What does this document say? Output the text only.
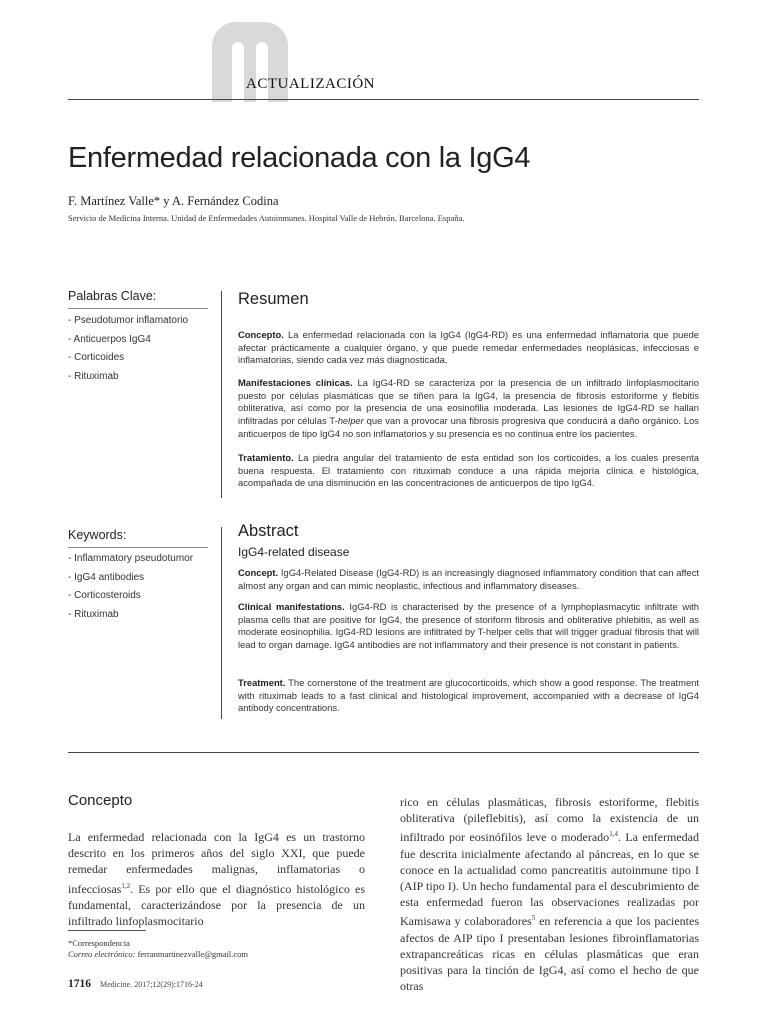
ACTUALIZACIÓN
Enfermedad relacionada con la IgG4
F. Martínez Valle* y A. Fernández Codina
Servicio de Medicina Interna. Unidad de Enfermedades Autoinmunes. Hospital Valle de Hebrón. Barcelona. España.
Palabras Clave:
- Pseudotumor inflamatorio
- Anticuerpos IgG4
- Corticoides
- Rituximab
Keywords:
- Inflammatory pseudotumor
- IgG4 antibodies
- Corticosteroids
- Rituximab
Resumen

Concepto. La enfermedad relacionada con la IgG4 (IgG4-RD) es una enfermedad inflamatoria que puede afectar prácticamente a cualquier órgano, y que puede remedar enfermedades neoplásicas, infecciosas e inflamatorias, siendo cada vez más diagnosticada.

Manifestaciones clínicas. La IgG4-RD se caracteriza por la presencia de un infiltrado linfoplasmocitario puesto por células plasmáticas que se tiñen para la IgG4, la presencia de fibrosis estoriforme y flebitis obliterativa, así como por la presencia de una eosinofilia moderada. Las lesiones de IgG4-RD se hallan infiltradas por células T-helper que van a provocar una fibrosis progresiva que conducirá a daño orgánico. Los anticuerpos de tipo IgG4 no son inflamatorios y su presencia es no continua entre los pacientes.

Tratamiento. La piedra angular del tratamiento de esta entidad son los corticoides, a los cuales presenta buena respuesta. El tratamiento con rituximab conduce a una rápida mejoría clínica e histológica, acompañada de una disminución en las concentraciones de anticuerpos de tipo IgG4.

Abstract
IgG4-related disease

Concept. IgG4-Related Disease (IgG4-RD) is an increasingly diagnosed inflammatory condition that can affect almost any organ and can mimic neoplastic, infectious and inflammatory diseases.

Clinical manifestations. IgG4-RD is characterised by the presence of a lymphoplasmacytic infiltrate with plasma cells that are positive for IgG4, the presence of storiform fibrosis and obliterative phlebitis, as well as moderate eosinophilia. IgG4-RD lesions are infiltrated by T-helper cells that will trigger gradual fibrosis that will lead to organ damage. IgG4 antibodies are not inflammatory and their presence is not constant in patients.

Treatment. The cornerstone of the treatment are glucocorticoids, which show a good response. The treatment with rituximab leads to a fast clinical and histological improvement, accompanied with a decrease of IgG4 antibody concentrations.

Concepto

La enfermedad relacionada con la IgG4 es un trastorno descrito en los primeros años del siglo XXI, que puede remedar enfermedades malignas, inflamatorias o infecciosas$^{1,2}$. Es por ello que el diagnóstico histológico es fundamental, caracterizándose por la presencia de un infiltrado linfoplasmocitario

rico en células plasmáticas, fibrosis estoriforme, flebitis obliterativa (pileflebitis), así como la existencia de un infiltrado por eosinófilos leve o moderado$^{1,4}$. La enfermedad fue descrita inicialmente afectando al páncreas, en lo que se conoce en la actualidad como pancreatitis autoinmune tipo I (AIP tipo I). Un hecho fundamental para el descubrimiento de esta enfermedad fueron las observaciones realizadas por Kamisawa y colaboradores$^5$ en referencia a que los pacientes afectos de AIP tipo I presentaban lesiones fibroinflamatorias extrapancreáticas ricas en células plasmáticas que eran positivas para la tinción de IgG4, así como el hecho de que otras

*Correspondencia
Correo electrónico: ferranmartinezvalle@gmail.com
1716 Medicine. 2017;12(29):1716-24
